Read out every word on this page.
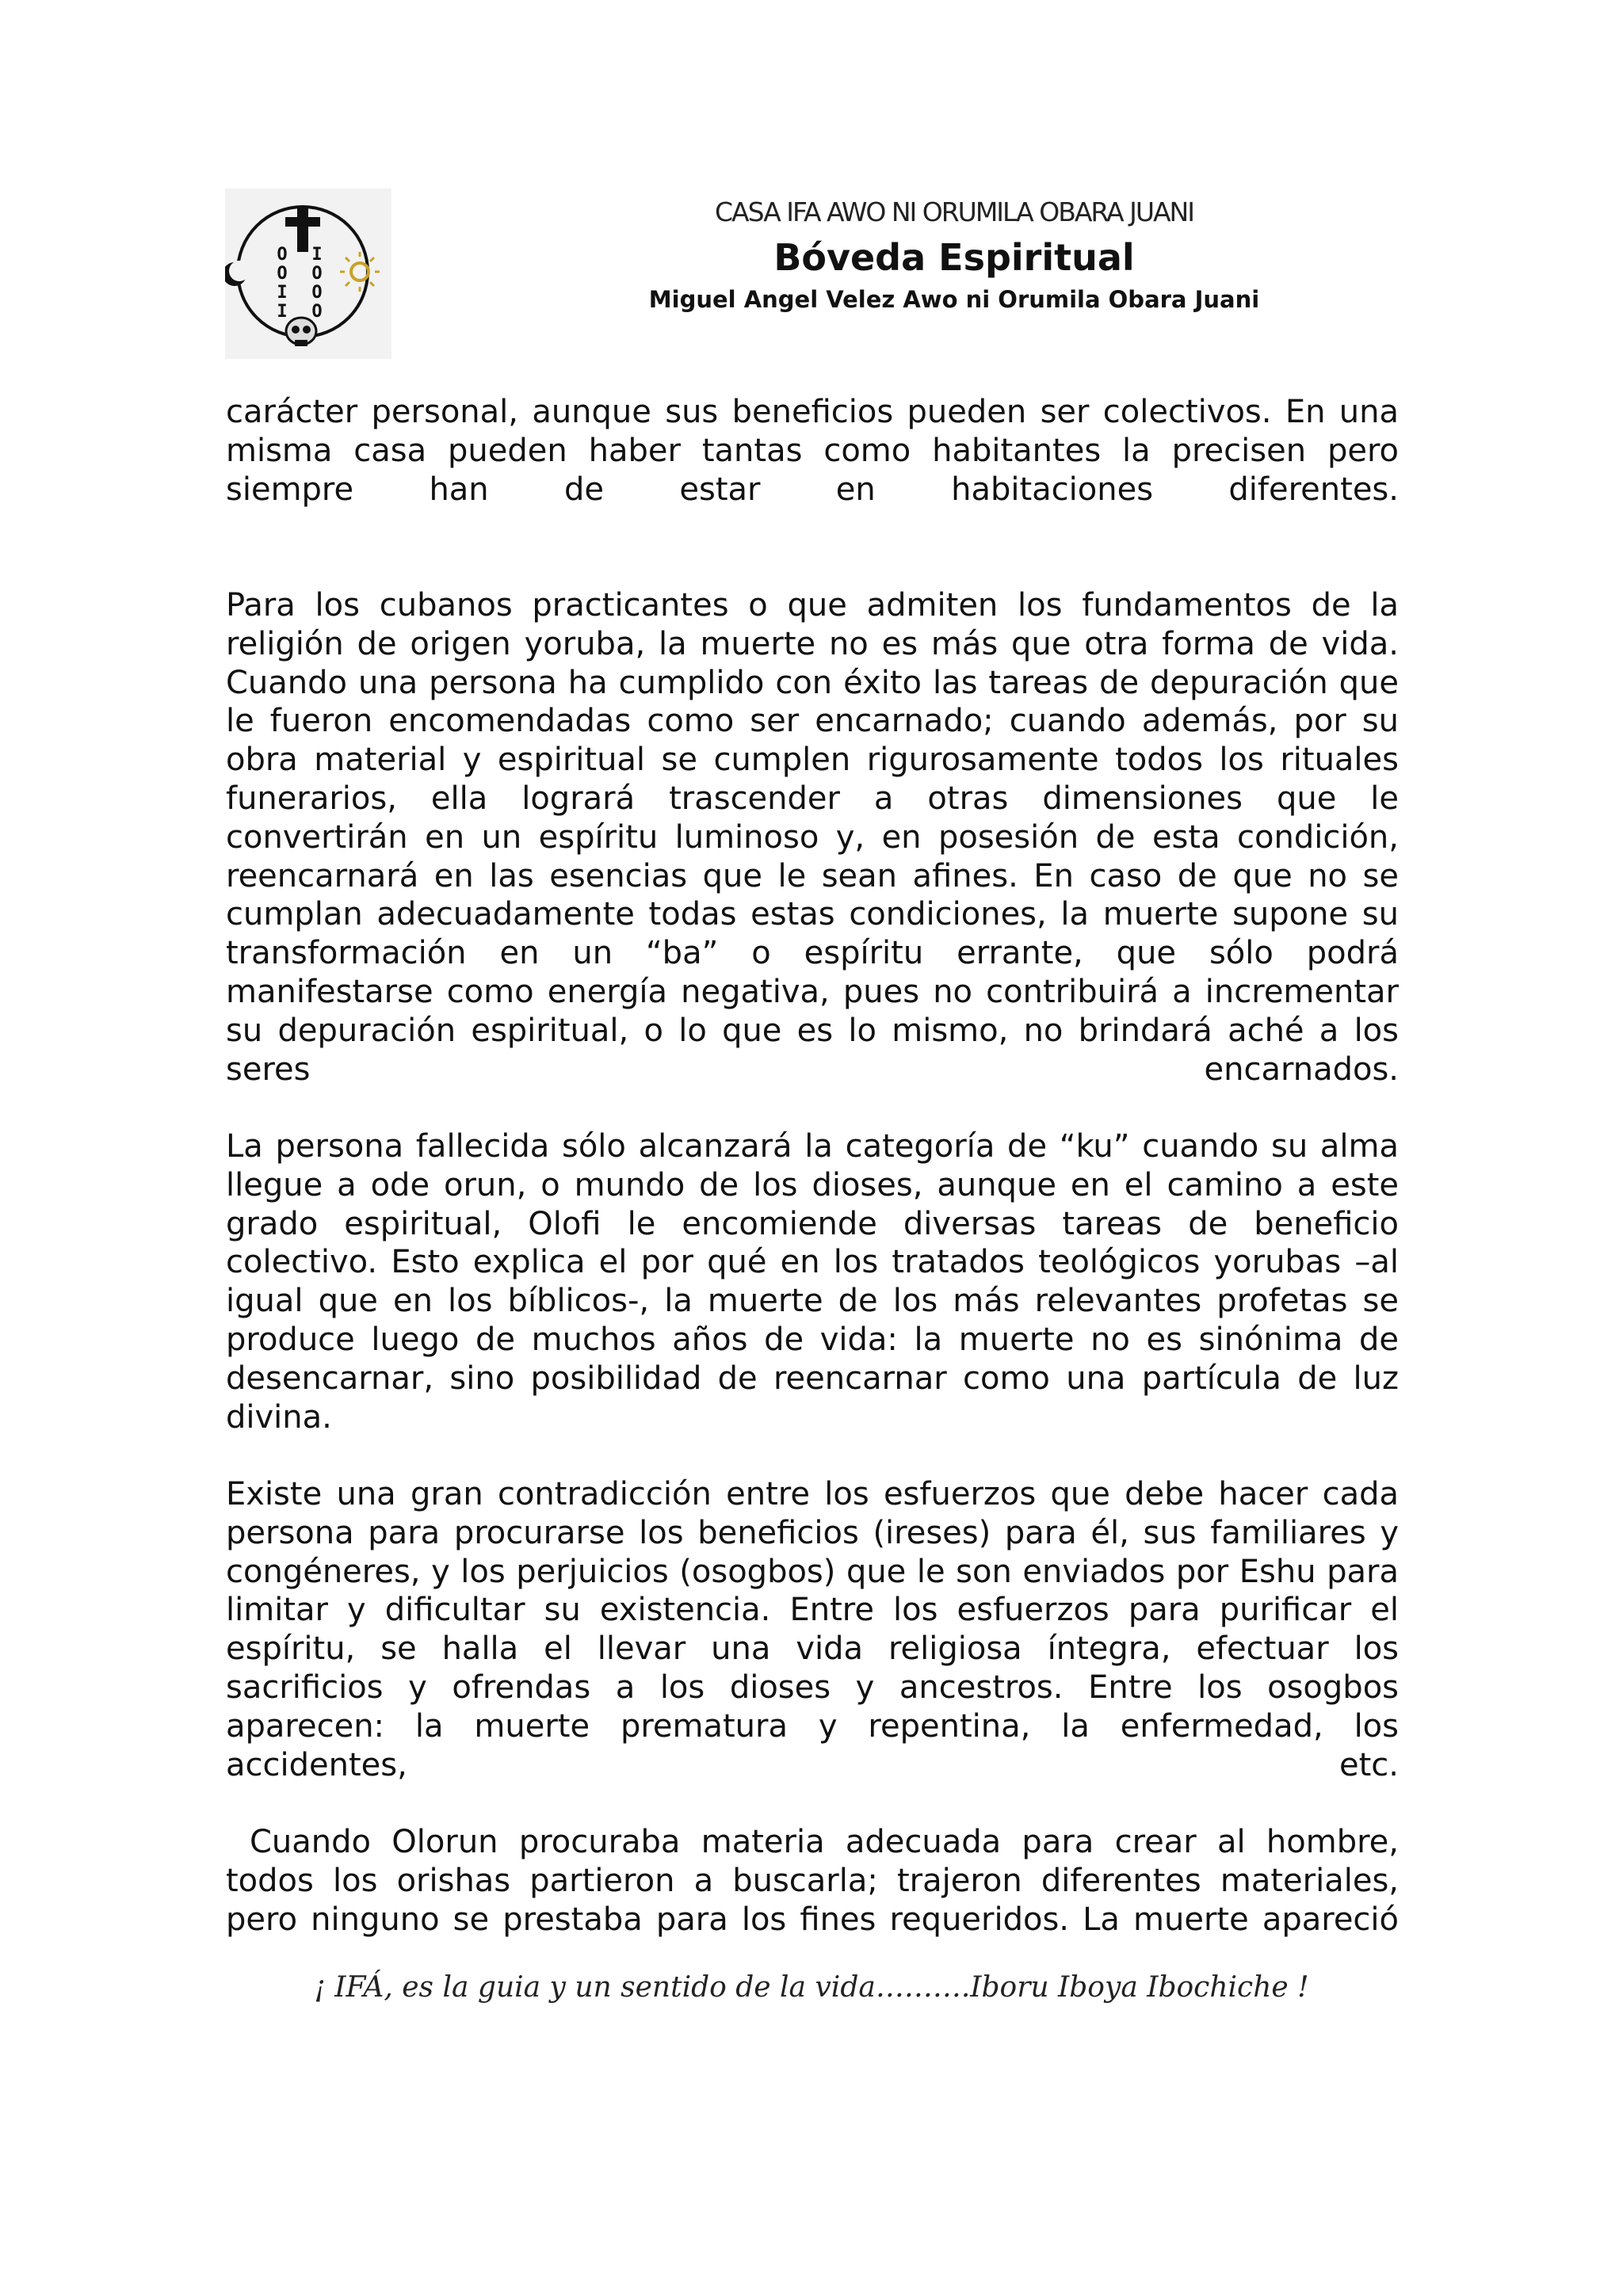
O
O
I
I
I
O
O
O
CASA IFA AWO NI ORUMILA OBARA JUANI
Bóveda Espiritual
Miguel Angel Velez Awo ni Orumila Obara Juani

carácter personal, aunque sus beneficios pueden ser colectivos. En una misma casa pueden haber tantas como habitantes la precisen pero siempre han de estar en habitaciones diferentes.

Para los cubanos practicantes o que admiten los fundamentos de la religión de origen yoruba, la muerte no es más que otra forma de vida. Cuando una persona ha cumplido con éxito las tareas de depuración que le fueron encomendadas como ser encarnado; cuando además, por su obra material y espiritual se cumplen rigurosamente todos los rituales funerarios, ella logrará trascender a otras dimensiones que le convertirán en un espíritu luminoso y, en posesión de esta condición, reencarnará en las esencias que le sean afines. En caso de que no se cumplan adecuadamente todas estas condiciones, la muerte supone su transformación en un “ba” o espíritu errante, que sólo podrá manifestarse como energía negativa, pues no contribuirá a incrementar su depuración espiritual, o lo que es lo mismo, no brindará aché a los seres encarnados.

La persona fallecida sólo alcanzará la categoría de “ku” cuando su alma llegue a ode orun, o mundo de los dioses, aunque en el camino a este grado espiritual, Olofi le encomiende diversas tareas de beneficio colectivo. Esto explica el por qué en los tratados teológicos yorubas –al igual que en los bíblicos-, la muerte de los más relevantes profetas se produce luego de muchos años de vida: la muerte no es sinónima de desencarnar, sino posibilidad de reencarnar como una partícula de luz divina.

Existe una gran contradicción entre los esfuerzos que debe hacer cada persona para procurarse los beneficios (ireses) para él, sus familiares y congéneres, y los perjuicios (osogbos) que le son enviados por Eshu para limitar y dificultar su existencia. Entre los esfuerzos para purificar el espíritu, se halla el llevar una vida religiosa íntegra, efectuar los sacrificios y ofrendas a los dioses y ancestros. Entre los osogbos aparecen: la muerte prematura y repentina, la enfermedad, los accidentes, etc.

Cuando Olorun procuraba materia adecuada para crear al hombre, todos los orishas partieron a buscarla; trajeron diferentes materiales, pero ninguno se prestaba para los fines requeridos. La muerte apareció

¡ IFÁ, es la guia y un sentido de la vida……….Iboru Iboya Ibochiche !
